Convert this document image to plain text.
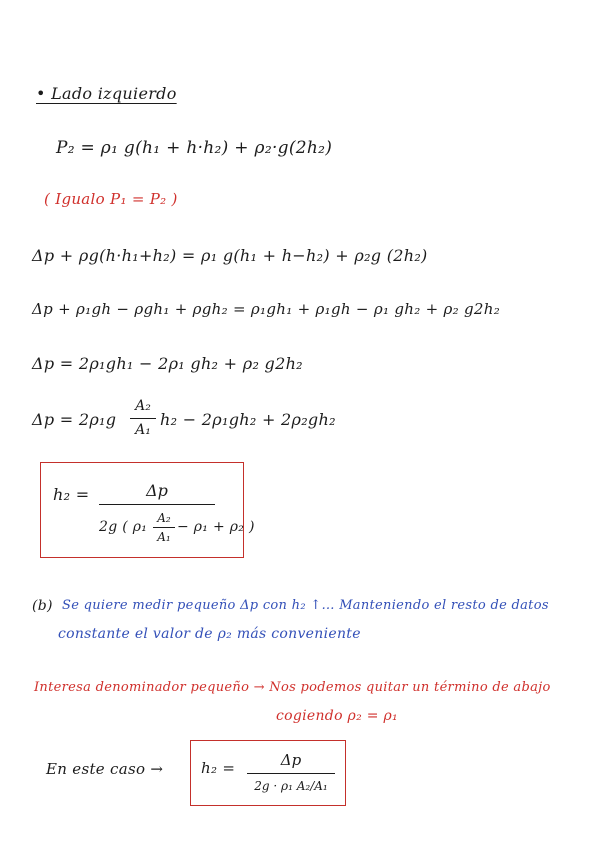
• Lado izquierdo
P₂ = ρ₁ g(h₁ + h·h₂) + ρ₂·g(2h₂)
( Igualo P₁ = P₂ )
Δp + ρg(h·h₁+h₂) = ρ₁ g(h₁ + h−h₂) + ρ₂g (2h₂)
Δp + ρ₁gh − ρgh₁ + ρgh₂ = ρ₁gh₁ + ρ₁gh − ρ₁ gh₂ + ρ₂ g2h₂
Δp = 2ρ₁gh₁ − 2ρ₁ gh₂ + ρ₂ g2h₂
Δp = 2ρ₁g
A₂
A₁
h₂ − 2ρ₁gh₂ + 2ρ₂gh₂
h₂ =	Δp
2g ( ρ₁
A₂
A₁
− ρ₁ + ρ₂ )
(b) Se quiere medir pequeño Δp con h₂ ↑… Manteniendo el resto de datos
constante el valor de ρ₂ más conveniente
Interesa denominador pequeño → Nos podemos quitar un término de abajo
cogiendo ρ₂ = ρ₁
En este caso →	h₂ =	Δp
2g · ρ₁ A₂/A₁
